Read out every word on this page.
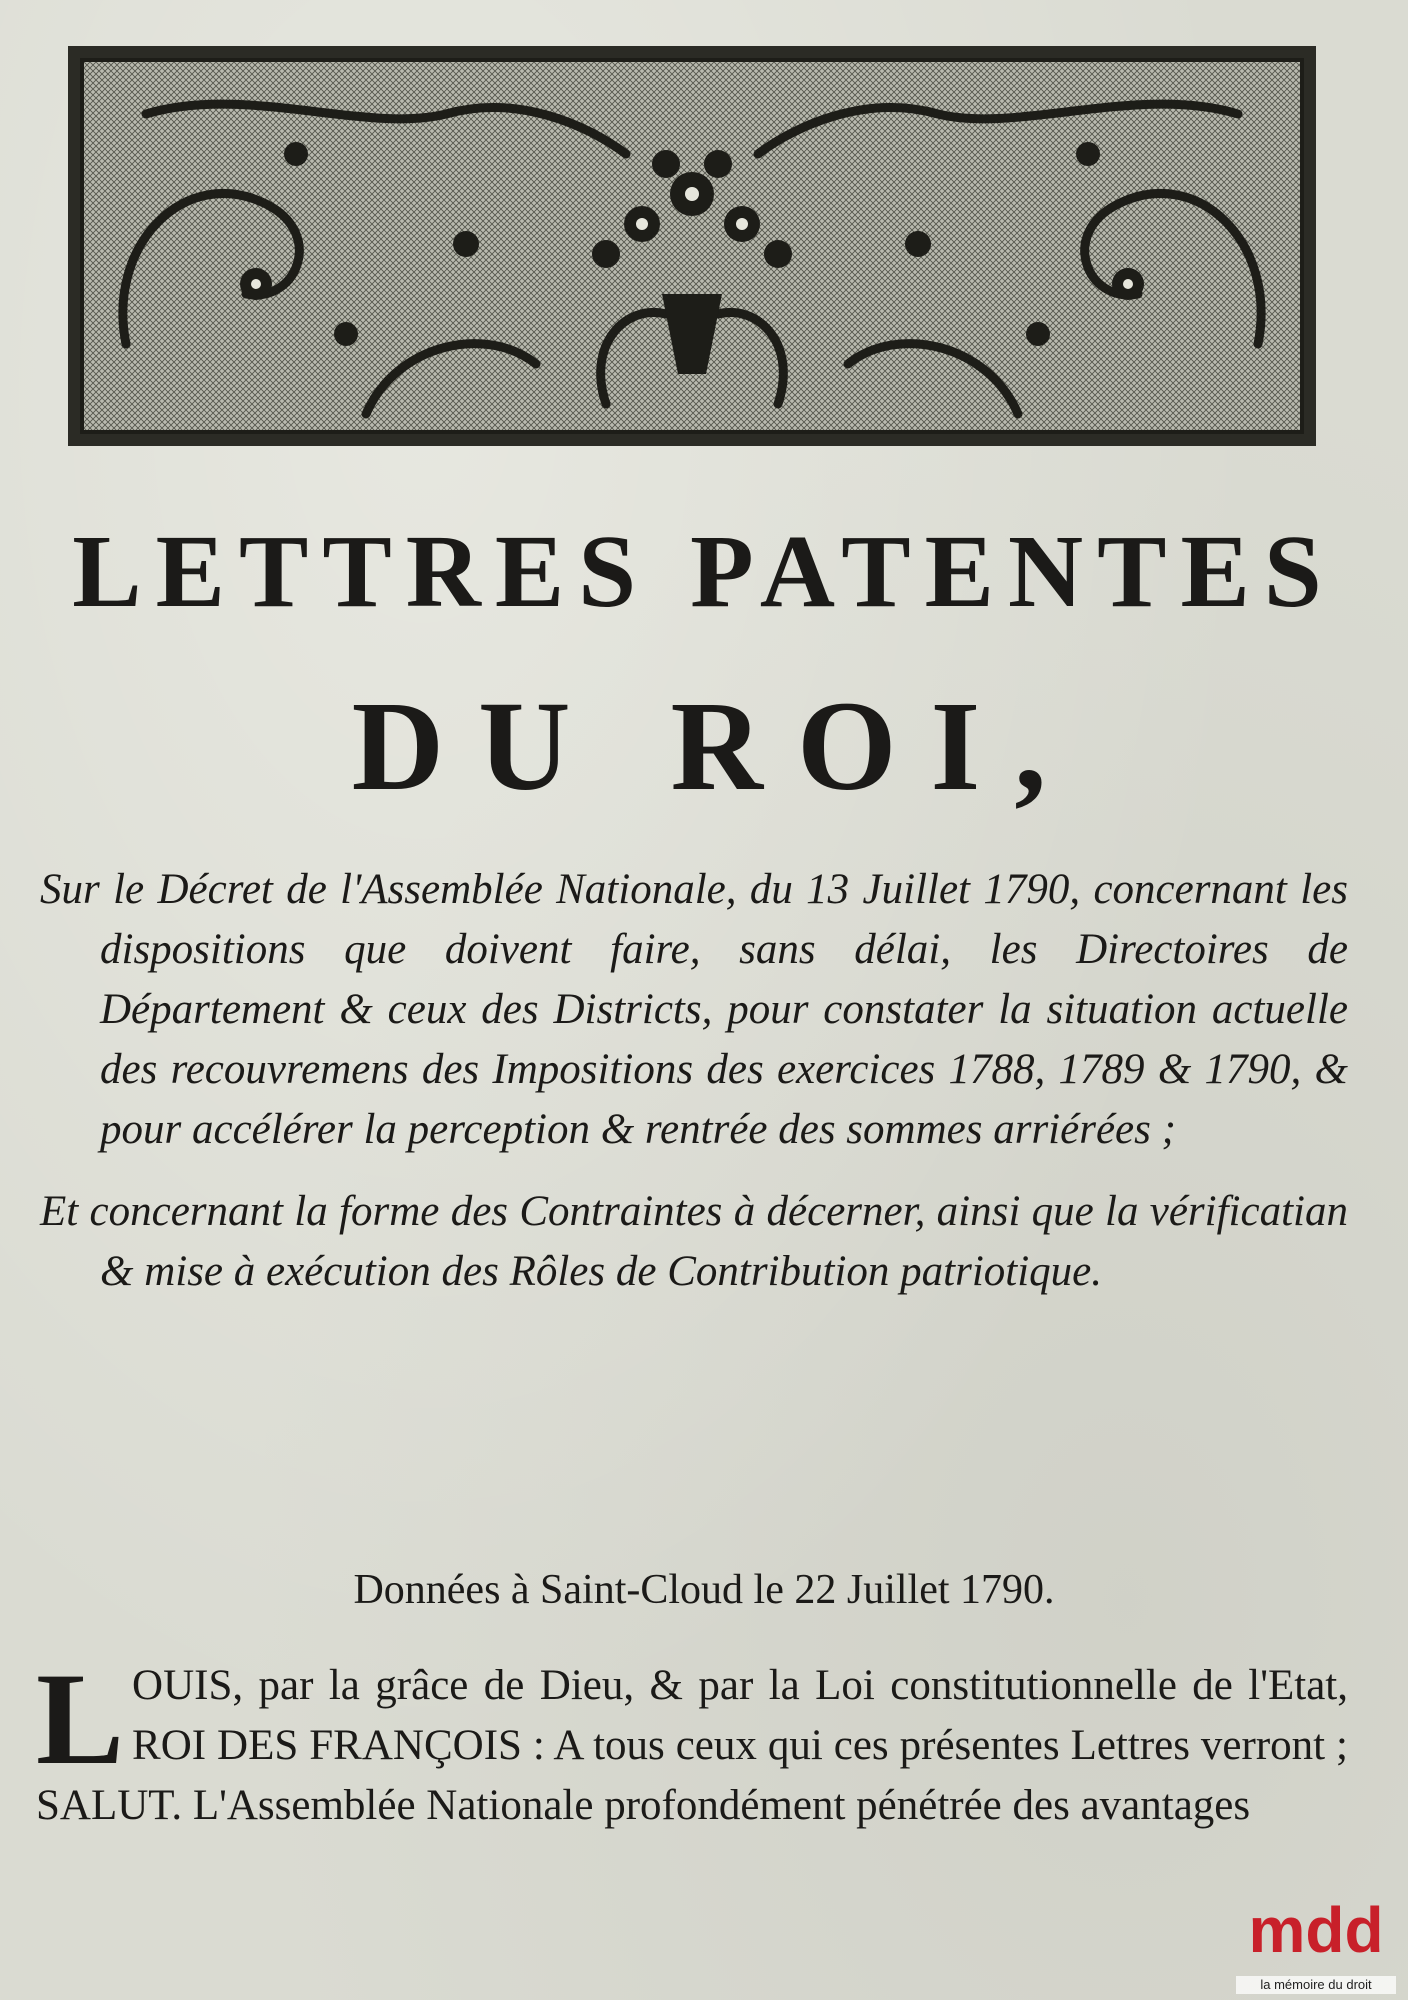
LETTRES PATENTES
DU ROI,

Sur le Décret de l'Assemblée Nationale, du 13 Juillet 1790, concernant les dispositions que doivent faire, sans délai, les Directoires de Département & ceux des Districts, pour constater la situation actuelle des recouvremens des Impositions des exercices 1788, 1789 & 1790, & pour accélérer la perception & rentrée des sommes arriérées ;

Et concernant la forme des Contraintes à décerner, ainsi que la vérificatian & mise à exécution des Rôles de Contribution patriotique.

Données à Saint-Cloud le 22 Juillet 1790.

LOUIS, par la grâce de Dieu, & par la Loi constitutionnelle de l'Etat, ROI DES FRANÇOIS : A tous ceux qui ces présentes Lettres verront ; SALUT. L'Assemblée Nationale profondément pénétrée des avantages

mdd
la mémoire du droit
